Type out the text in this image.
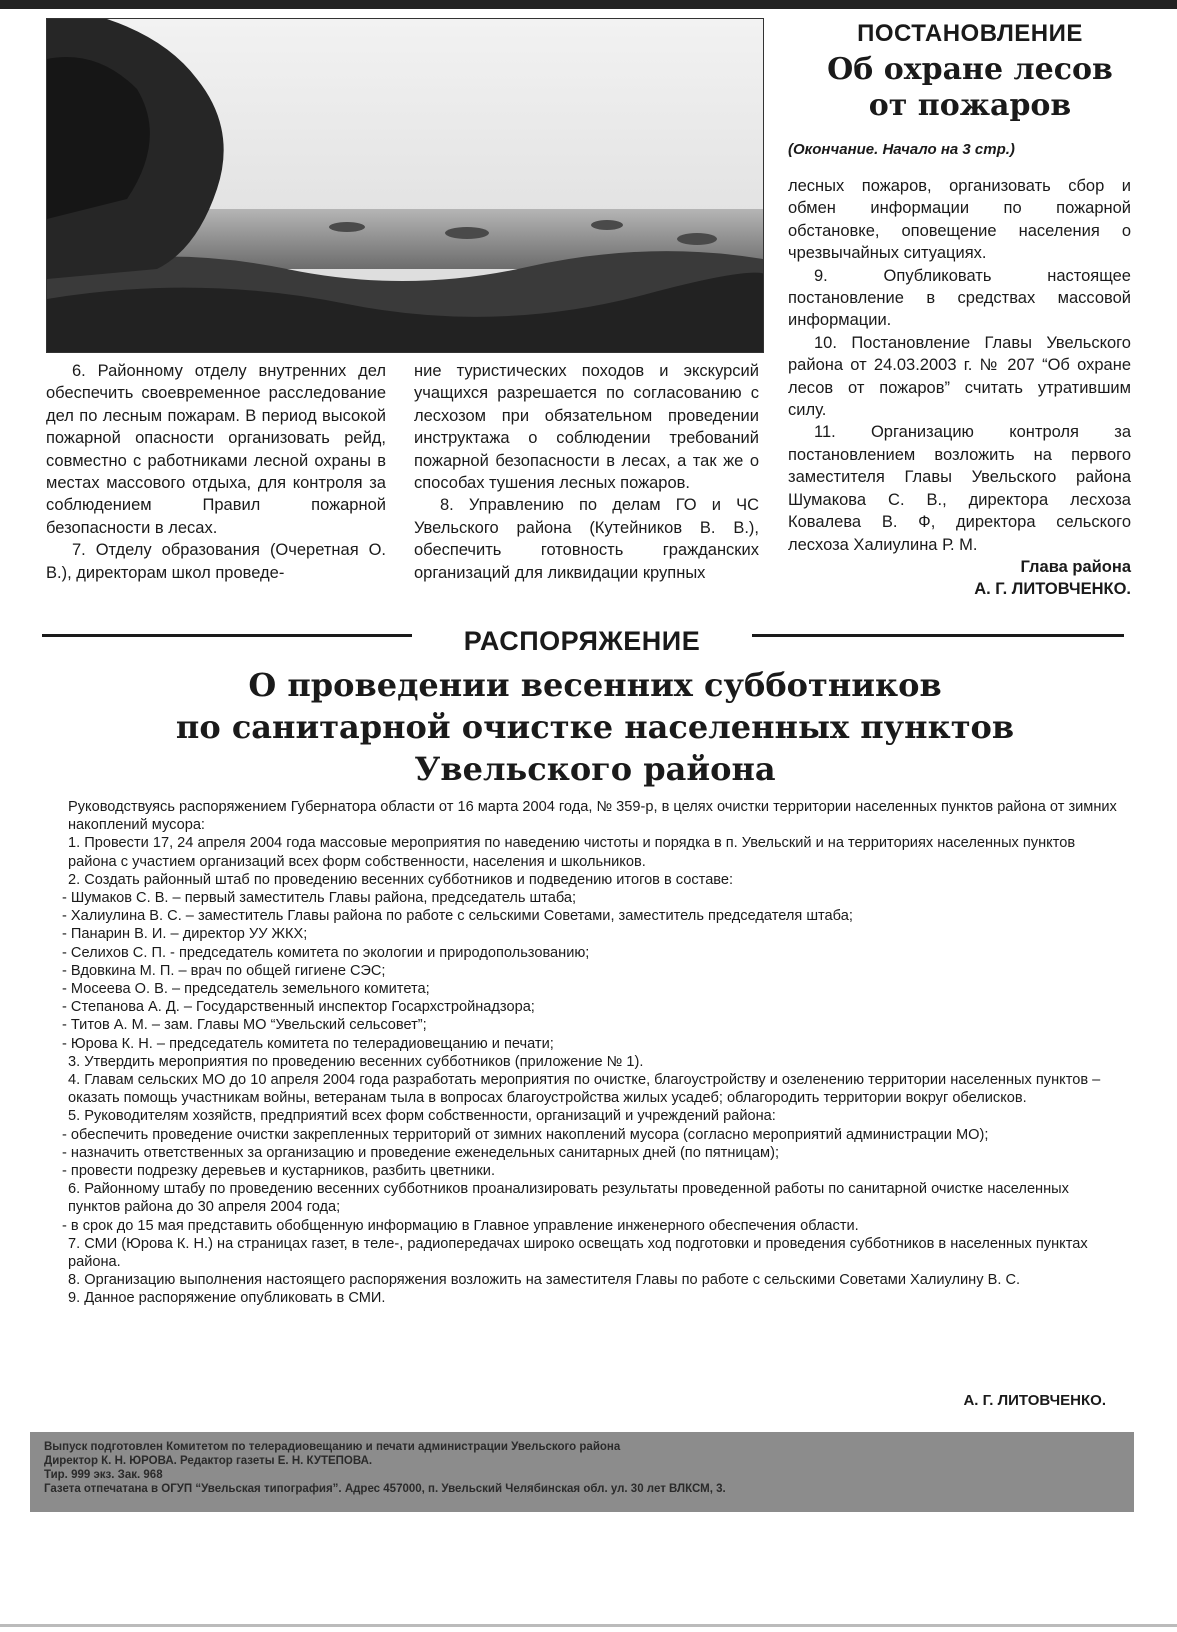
ПОСТАНОВЛЕНИЕ
Об охране лесов
от пожаров

(Окончание. Начало на 3 стр.)

6. Районному отделу внутренних дел обеспечить своевременное расследование дел по лесным пожарам. В период высокой пожарной опасности организовать рейд, совместно с работниками лесной охраны в местах массового отдыха, для контроля за соблюдением Правил пожарной безопасности в лесах.

7. Отделу образования (Очеретная О. В.), директорам школ проведе-

ние туристических походов и экскурсий учащихся разрешается по согласованию с лесхозом при обязательном проведении инструктажа о соблюдении требований пожарной безопасности в лесах, а так же о способах тушения лесных пожаров.

8. Управлению по делам ГО и ЧС Увельского района (Кутейников В. В.), обеспечить готовность гражданских организаций для ликвидации крупных

лесных пожаров, организовать сбор и обмен информации по пожарной обстановке, оповещение населения о чрезвычайных ситуациях.

9. Опубликовать настоящее постановление в средствах массовой информации.

10. Постановление Главы Увельского района от 24.03.2003 г. № 207 “Об охране лесов от пожаров” считать утратившим силу.

11. Организацию контроля за постановлением возложить на первого заместителя Главы Увельского района Шумакова С. В., директора лесхоза Ковалева В. Ф, директора сельского лесхоза Халиулина Р. М.

Глава района

А. Г. ЛИТОВЧЕНКО.

РАСПОРЯЖЕНИЕ
О проведении весенних субботников
по санитарной очистке населенных пунктов
Увельского района

Руководствуясь распоряжением Губернатора области от 16 марта 2004 года, № 359-р, в целях очистки территории населенных пунктов района от зимних накоплений мусора:

1. Провести 17, 24 апреля 2004 года массовые мероприятия по наведению чистоты и порядка в п. Увельский и на территориях населенных пунктов района с участием организаций всех форм собственности, населения и школьников.

2. Создать районный штаб по проведению весенних субботников и подведению итогов в составе:

- Шумаков С. В. – первый заместитель Главы района, председатель штаба;

- Халиулина В. С. – заместитель Главы района по работе с сельскими Советами, заместитель председателя штаба;

- Панарин В. И. – директор УУ ЖКХ;

- Селихов С. П. - председатель комитета по экологии и природопользованию;

- Вдовкина М. П. – врач по общей гигиене СЭС;

- Мосеева О. В. – председатель земельного комитета;

- Степанова А. Д. – Государственный инспектор Госархстройнадзора;

- Титов А. М. – зам. Главы МО “Увельский сельсовет”;

- Юрова К. Н. – председатель комитета по телерадиовещанию и печати;

3. Утвердить мероприятия по проведению весенних субботников (приложение № 1).

4. Главам сельских МО до 10 апреля 2004 года разработать мероприятия по очистке, благоустройству и озеленению территории населенных пунктов – оказать помощь участникам войны, ветеранам тыла в вопросах благоустройства жилых усадеб; облагородить территории вокруг обелисков.

5. Руководителям хозяйств, предприятий всех форм собственности, организаций и учреждений района:

- обеспечить проведение очистки закрепленных территорий от зимних накоплений мусора (согласно мероприятий администрации МО);

- назначить ответственных за организацию и проведение еженедельных санитарных дней (по пятницам);

- провести подрезку деревьев и кустарников, разбить цветники.

6. Районному штабу по проведению весенних субботников проанализировать результаты проведенной работы по санитарной очистке населенных пунктов района до 30 апреля 2004 года;

- в срок до 15 мая представить обобщенную информацию в Главное управление инженерного обеспечения области.

7. СМИ (Юрова К. Н.) на страницах газет, в теле-, радиопередачах широко освещать ход подготовки и проведения субботников в населенных пунктах района.

8. Организацию выполнения настоящего распоряжения возложить на заместителя Главы по работе с сельскими Советами Халиулину В. С.

9. Данное распоряжение опубликовать в СМИ.

А. Г. ЛИТОВЧЕНКО.

Выпуск подготовлен Комитетом по телерадиовещанию и печати администрации Увельского района

Директор К. Н. ЮРОВА. Редактор газеты Е. Н. КУТЕПОВА.

Тир. 999 экз. Зак. 968

Газета отпечатана в ОГУП “Увельская типография”. Адрес 457000, п. Увельский Челябинская обл. ул. 30 лет ВЛКСМ, 3.
